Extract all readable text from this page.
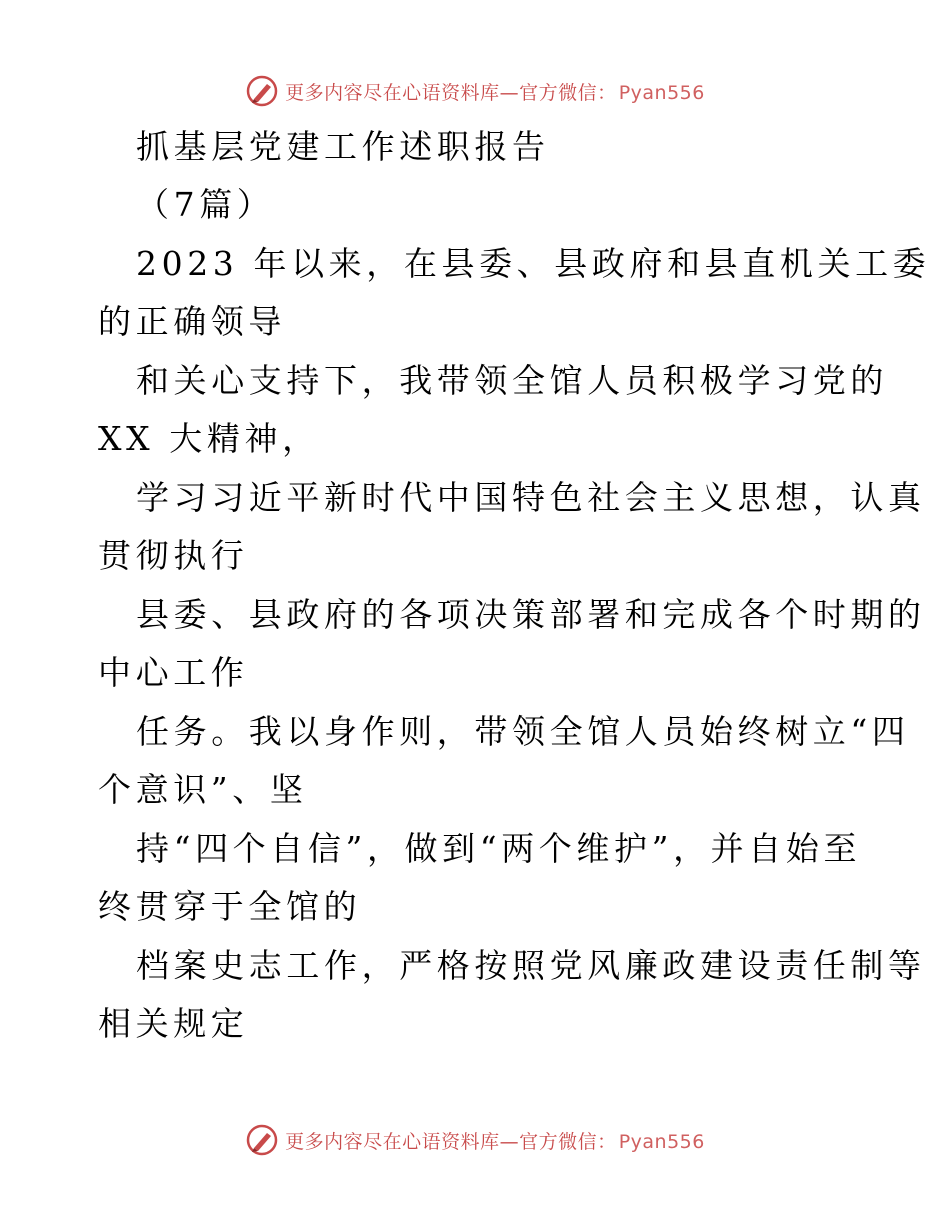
更多内容尽在心语资料库—官方微信： Pyan556
抓基层党建工作述职报告
（7篇）
2023 年以来，在县委、县政府和县直机关工委
的正确领导
和关心支持下，我带领全馆人员积极学习党的
XX 大精神，
学习习近平新时代中国特色社会主义思想，认真
贯彻执行
县委、县政府的各项决策部署和完成各个时期的
中心工作
任务。我以身作则，带领全馆人员始终树立“四
个意识”、坚
持“四个自信”，做到“两个维护”，并自始至
终贯穿于全馆的
档案史志工作，严格按照党风廉政建设责任制等
相关规定
更多内容尽在心语资料库—官方微信： Pyan556
